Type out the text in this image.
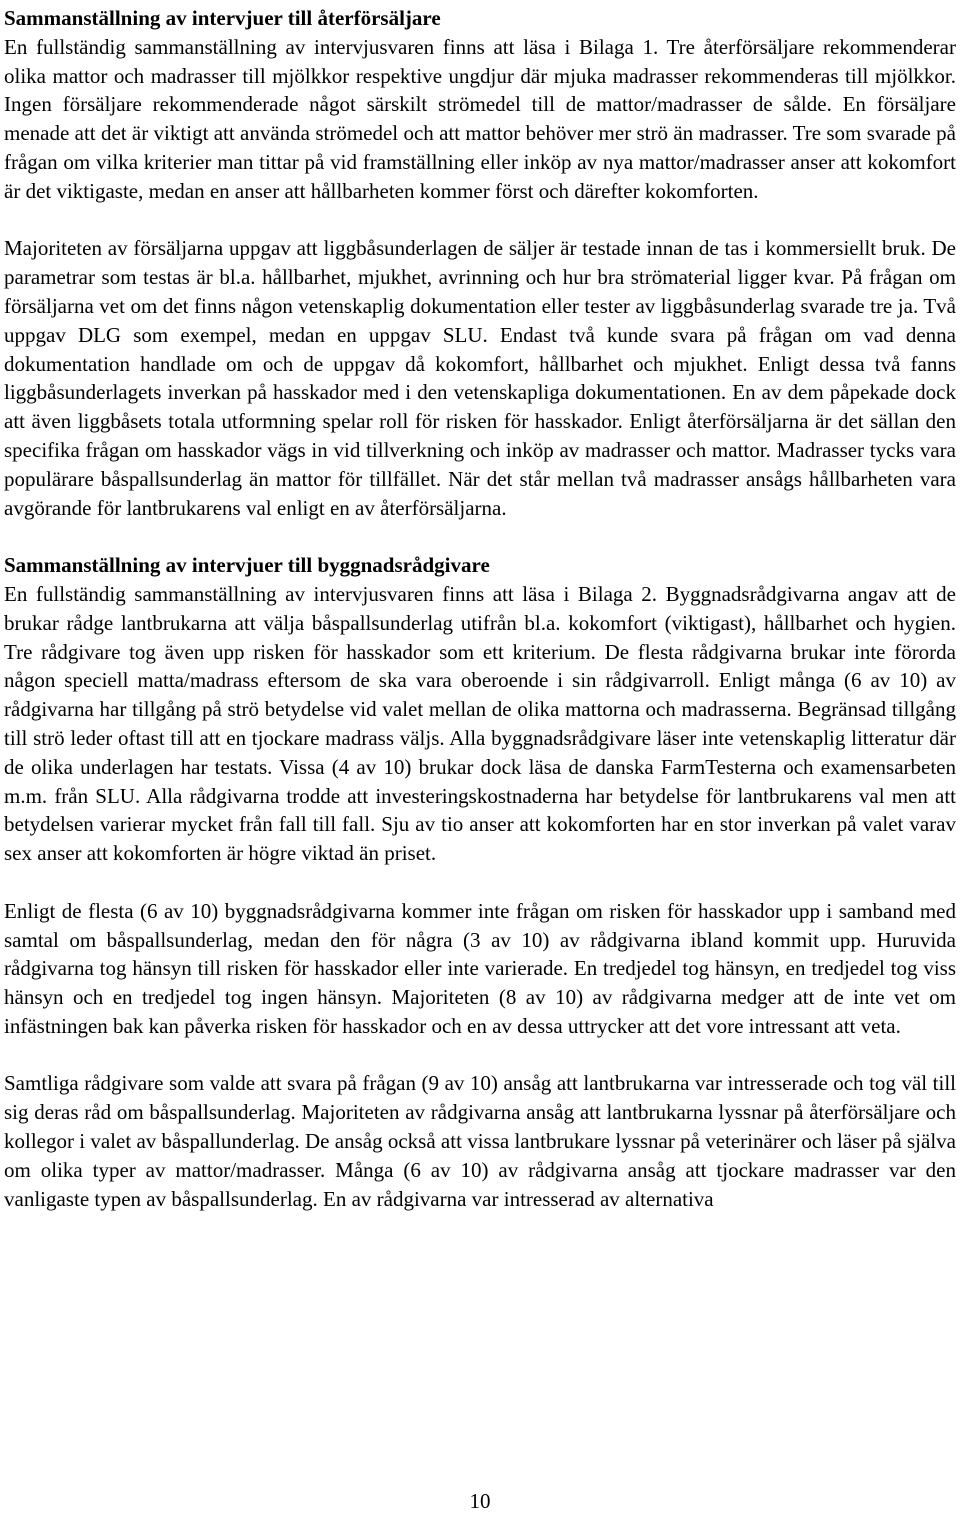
Sammanställning av intervjuer till återförsäljare

En fullständig sammanställning av intervjusvaren finns att läsa i Bilaga 1. Tre återförsäljare rekommenderar olika mattor och madrasser till mjölkkor respektive ungdjur där mjuka madrasser rekommenderas till mjölkkor. Ingen försäljare rekommenderade något särskilt strömedel till de mattor/madrasser de sålde. En försäljare menade att det är viktigt att använda strömedel och att mattor behöver mer strö än madrasser. Tre som svarade på frågan om vilka kriterier man tittar på vid framställning eller inköp av nya mattor/madrasser anser att kokomfort är det viktigaste, medan en anser att hållbarheten kommer först och därefter kokomforten.

Majoriteten av försäljarna uppgav att liggbåsunderlagen de säljer är testade innan de tas i kommersiellt bruk. De parametrar som testas är bl.a. hållbarhet, mjukhet, avrinning och hur bra strömaterial ligger kvar. På frågan om försäljarna vet om det finns någon vetenskaplig dokumentation eller tester av liggbåsunderlag svarade tre ja. Två uppgav DLG som exempel, medan en uppgav SLU. Endast två kunde svara på frågan om vad denna dokumentation handlade om och de uppgav då kokomfort, hållbarhet och mjukhet. Enligt dessa två fanns liggbåsunderlagets inverkan på hasskador med i den vetenskapliga dokumentationen. En av dem påpekade dock att även liggbåsets totala utformning spelar roll för risken för hasskador. Enligt återförsäljarna är det sällan den specifika frågan om hasskador vägs in vid tillverkning och inköp av madrasser och mattor. Madrasser tycks vara populärare båspallsunderlag än mattor för tillfället. När det står mellan två madrasser ansågs hållbarheten vara avgörande för lantbrukarens val enligt en av återförsäljarna.

Sammanställning av intervjuer till byggnadsrådgivare

En fullständig sammanställning av intervjusvaren finns att läsa i Bilaga 2. Byggnadsrådgivarna angav att de brukar rådge lantbrukarna att välja båspallsunderlag utifrån bl.a. kokomfort (viktigast), hållbarhet och hygien. Tre rådgivare tog även upp risken för hasskador som ett kriterium. De flesta rådgivarna brukar inte förorda någon speciell matta/madrass eftersom de ska vara oberoende i sin rådgivarroll. Enligt många (6 av 10) av rådgivarna har tillgång på strö betydelse vid valet mellan de olika mattorna och madrasserna. Begränsad tillgång till strö leder oftast till att en tjockare madrass väljs. Alla byggnadsrådgivare läser inte vetenskaplig litteratur där de olika underlagen har testats. Vissa (4 av 10) brukar dock läsa de danska FarmTesterna och examensarbeten m.m. från SLU. Alla rådgivarna trodde att investeringskostnaderna har betydelse för lantbrukarens val men att betydelsen varierar mycket från fall till fall. Sju av tio anser att kokomforten har en stor inverkan på valet varav sex anser att kokomforten är högre viktad än priset.

Enligt de flesta (6 av 10) byggnadsrådgivarna kommer inte frågan om risken för hasskador upp i samband med samtal om båspallsunderlag, medan den för några (3 av 10) av rådgivarna ibland kommit upp. Huruvida rådgivarna tog hänsyn till risken för hasskador eller inte varierade. En tredjedel tog hänsyn, en tredjedel tog viss hänsyn och en tredjedel tog ingen hänsyn. Majoriteten (8 av 10) av rådgivarna medger att de inte vet om infästningen bak kan påverka risken för hasskador och en av dessa uttrycker att det vore intressant att veta.

Samtliga rådgivare som valde att svara på frågan (9 av 10) ansåg att lantbrukarna var intresserade och tog väl till sig deras råd om båspallsunderlag. Majoriteten av rådgivarna ansåg att lantbrukarna lyssnar på återförsäljare och kollegor i valet av båspallunderlag. De ansåg också att vissa lantbrukare lyssnar på veterinärer och läser på själva om olika typer av mattor/madrasser. Många (6 av 10) av rådgivarna ansåg att tjockare madrasser var den vanligaste typen av båspallsunderlag. En av rådgivarna var intresserad av alternativa

10
